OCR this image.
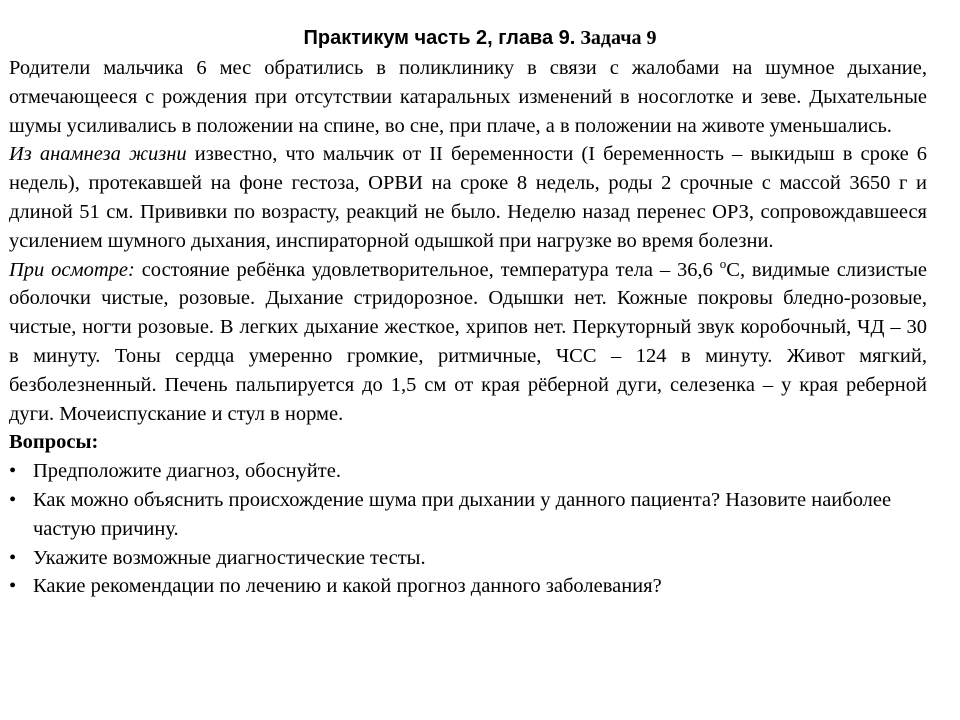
Практикум часть 2, глава 9. Задача 9

Родители мальчика 6 мес обратились в поликлинику в связи с жалобами на шумное дыхание, отмечающееся с рождения при отсутствии катаральных изменений в носоглотке и зеве. Дыхательные шумы усиливались в положении на спине, во сне, при плаче, а в положении на животе уменьшались.

Из анамнеза жизни известно, что мальчик от II беременности (I беременность – выкидыш в сроке 6 недель), протекавшей на фоне гестоза, ОРВИ на сроке 8 недель, роды 2 срочные с массой 3650 г и длиной 51 см. Прививки по возрасту, реакций не было. Неделю назад перенес ОРЗ, сопровождавшееся усилением шумного дыхания, инспираторной одышкой при нагрузке во время болезни.

При осмотре: состояние ребёнка удовлетворительное, температура тела – 36,6 $^о$С, видимые слизистые оболочки чистые, розовые. Дыхание стридорозное. Одышки нет. Кожные покровы бледно-розовые, чистые, ногти розовые. В легких дыхание жесткое, хрипов нет. Перкуторный звук коробочный, ЧД – 30 в минуту. Тоны сердца умеренно громкие, ритмичные, ЧСС – 124 в минуту. Живот мягкий, безболезненный. Печень пальпируется до 1,5 см от края рёберной дуги, селезенка – у края реберной дуги. Мочеиспускание и стул в норме.

Вопросы:

• Предположите диагноз, обоснуйте.
• Как можно объяснить происхождение шума при дыхании у данного пациента? Назовите наиболее частую причину.
• Укажите возможные диагностические тесты.
• Какие рекомендации по лечению и какой прогноз данного заболевания?
